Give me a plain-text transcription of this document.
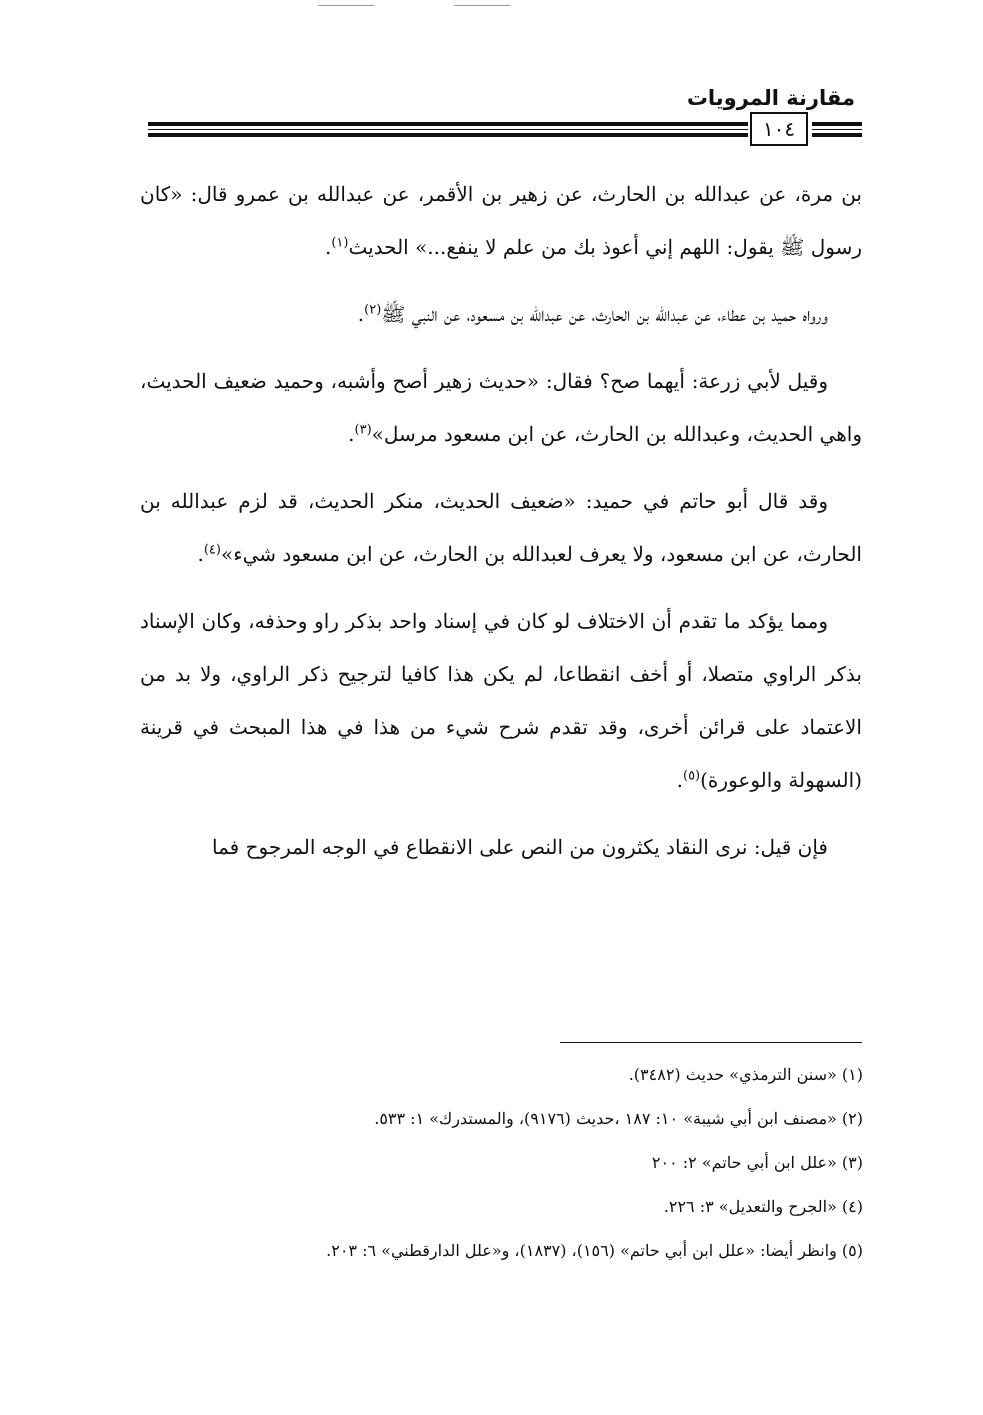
مقارنة المرويات
١٠٤

بن مرة، عن عبدالله بن الحارث، عن زهير بن الأقمر، عن عبدالله بن عمرو قال: «كان رسول ﷺ يقول: اللهم إني أعوذ بك من علم لا ينفع...» الحديث$^{(١)}$.

ورواه حميد بن عطاء، عن عبدالله بن الحارث، عن عبدالله بن مسعود، عن النبي ﷺ$^{(٢)}$.

وقيل لأبي زرعة: أيهما صح؟ فقال: «حديث زهير أصح وأشبه، وحميد ضعيف الحديث، واهي الحديث، وعبدالله بن الحارث، عن ابن مسعود مرسل»$^{(٣)}$.

وقد قال أبو حاتم في حميد: «ضعيف الحديث، منكر الحديث، قد لزم عبدالله بن الحارث، عن ابن مسعود، ولا يعرف لعبدالله بن الحارث، عن ابن مسعود شيء»$^{(٤)}$.

ومما يؤكد ما تقدم أن الاختلاف لو كان في إسناد واحد بذكر راو وحذفه، وكان الإسناد بذكر الراوي متصلا، أو أخف انقطاعا، لم يكن هذا كافيا لترجيح ذكر الراوي، ولا بد من الاعتماد على قرائن أخرى، وقد تقدم شرح شيء من هذا في هذا المبحث في قرينة (السهولة والوعورة)$^{(٥)}$.

فإن قيل: نرى النقاد يكثرون من النص على الانقطاع في الوجه المرجوح فما

(١) «سنن الترمذي» حديث (٣٤٨٢).
(٢) «مصنف ابن أبي شيبة» ١٠: ١٨٧ ،حديث (٩١٧٦)، والمستدرك» ١: ٥٣٣.
(٣) «علل ابن أبي حاتم» ٢: ٢٠٠
(٤) «الجرح والتعديل» ٣: ٢٢٦.
(٥) وانظر أيضا: «علل ابن أبي حاتم» (١٥٦)، (١٨٣٧)، و«علل الدارقطني» ٦: ٢٠٣.
